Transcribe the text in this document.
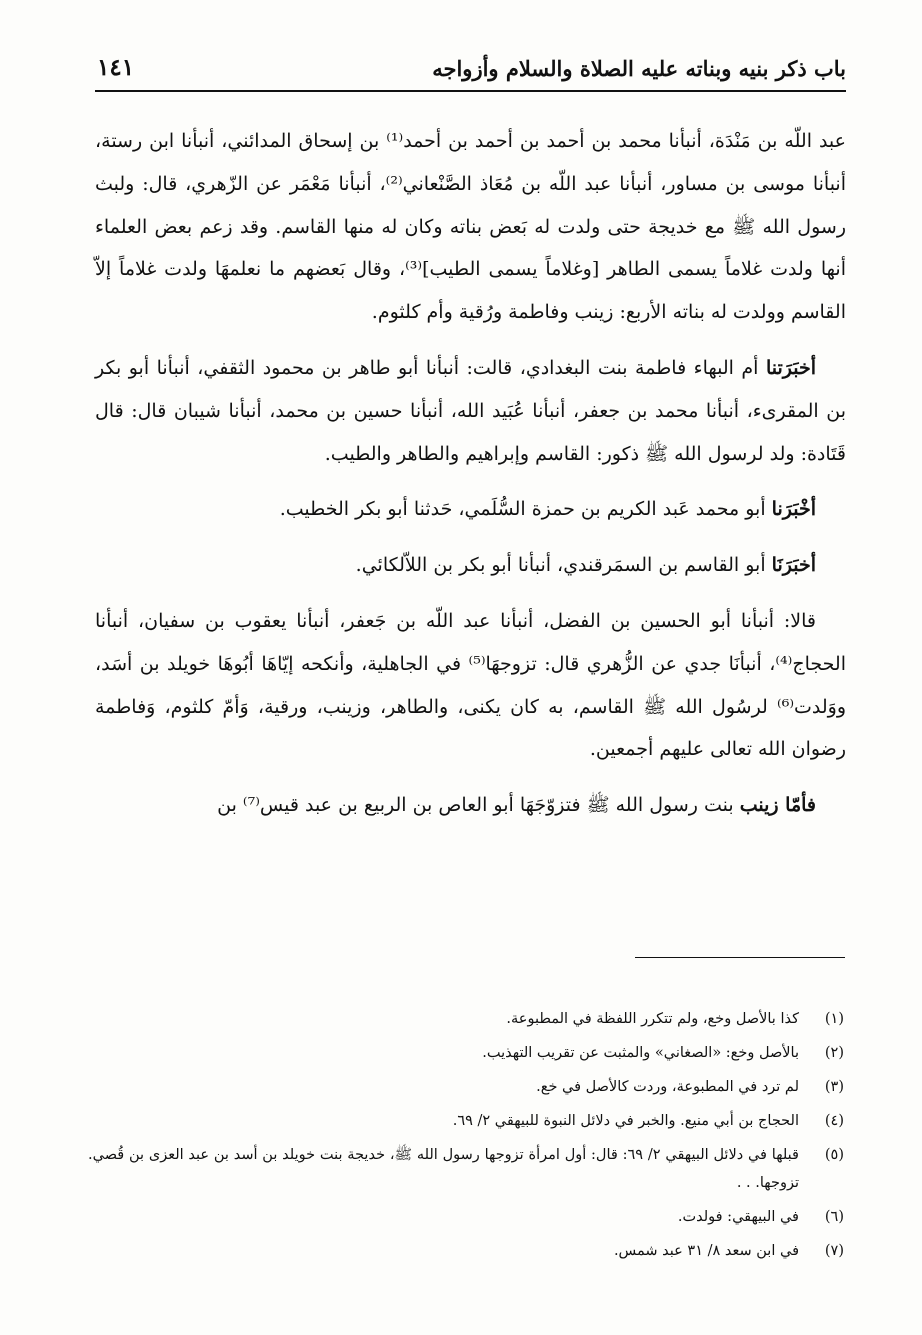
باب ذكر بنيه وبناته عليه الصلاة والسلام وأزواجه
١٤١

عبد اللّه بن مَنْدَة، أنبأنا محمد بن أحمد بن أحمد بن أحمد⁽¹⁾ بن إسحاق المدائني، أنبأنا ابن رستة، أنبأنا موسى بن مساور، أنبأنا عبد اللّه بن مُعَاذ الصَّنْعاني⁽²⁾، أنبأنا مَعْمَر عن الزّهري، قال: ولبث رسول الله ﷺ مع خديجة حتى ولدت له بَعض بناته وكان له منها القاسم. وقد زعم بعض العلماء أنها ولدت غلاماً يسمى الطاهر [وغلاماً يسمى الطيب]⁽³⁾، وقال بَعضهم ما نعلمهَا ولدت غلاماً إلاّ القاسم وولدت له بناته الأربع: زينب وفاطمة ورُقية وأم كلثوم.

أخبَرَتنا أم البهاء فاطمة بنت البغدادي، قالت: أنبأنا أبو طاهر بن محمود الثقفي، أنبأنا أبو بكر بن المقرىء، أنبأنا محمد بن جعفر، أنبأنا عُبَيد الله، أنبأنا حسين بن محمد، أنبأنا شيبان قال: قال قَتَادة: ولد لرسول الله ﷺ ذكور: القاسم وإبراهيم والطاهر والطيب.

أخْبَرَنا أبو محمد عَبد الكريم بن حمزة السُّلَمي، حَدثنا أبو بكر الخطيب.

أخبَرَنَا أبو القاسم بن السمَرقندي، أنبأنا أبو بكر بن اللاّلكائي.

قالا: أنبأنا أبو الحسين بن الفضل، أنبأنا عبد اللّه بن جَعفر، أنبأنا يعقوب بن سفيان، أنبأنا الحجاج⁽⁴⁾، أنبأنَا جدي عن الزُّهري قال: تزوجهَا⁽⁵⁾ في الجاهلية، وأنكحه إيّاهَا أبُوهَا خويلد بن أسَد، ووَلدت⁽⁶⁾ لرسُول الله ﷺ القاسم، به كان يكنى، والطاهر، وزينب، ورقية، وَأمّ كلثوم، وَفاطمة رضوان الله تعالى عليهم أجمعين.

فأمّا زينب بنت رسول الله ﷺ فتزوّجَهَا أبو العاص بن الربيع بن عبد قيس⁽⁷⁾ بن

(١)
كذا بالأصل وخع، ولم تتكرر اللفظة في المطبوعة.
(٢)
بالأصل وخع: «الصغاني» والمثبت عن تقريب التهذيب.
(٣)
لم ترد في المطبوعة، وردت كالأصل في خع.
(٤)
الحجاج بن أبي منيع. والخبر في دلائل النبوة للبيهقي ٢/ ٦٩.
(٥)
قبلها في دلائل البيهقي ٢/ ٦٩: قال: أول امرأة تزوجها رسول الله ﷺ، خديجة بنت خويلد بن أسد بن عبد العزى بن قُصي. تزوجها. . .
(٦)
في البيهقي: فولدت.
(٧)
في ابن سعد ٨/ ٣١ عبد شمس.
